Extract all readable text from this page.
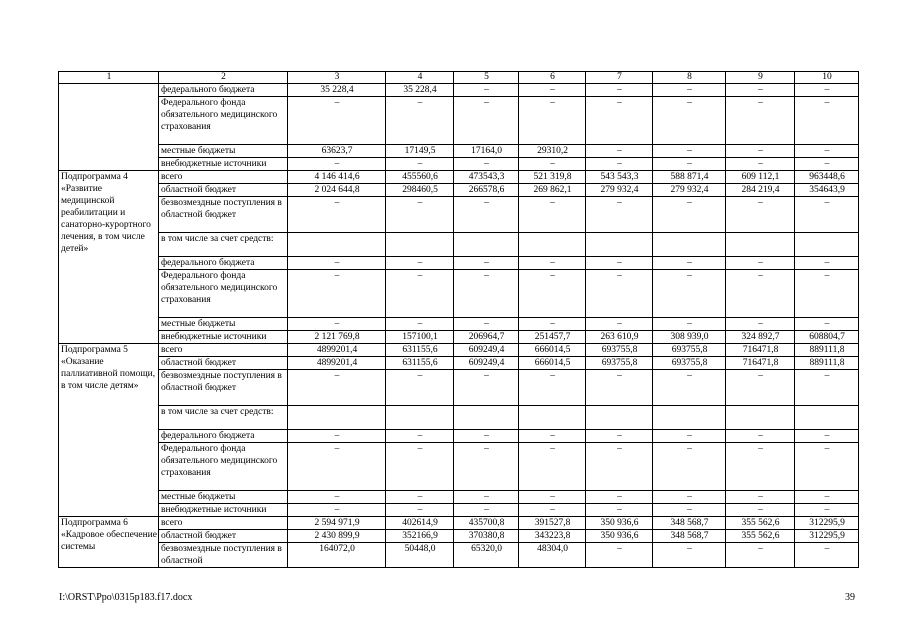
1	2	3	4	5	6	7	8	9	10
	федерального бюджета	35 228,4	35 228,4	–	–	–	–	–	–
	Федерального фонда обязательного медицинского страхования	–	–	–	–	–	–	–	–
	местные бюджеты	63623,7	17149,5	17164,0	29310,2	–	–	–	–
	внебюджетные источники	–	–	–	–	–	–	–	–
Подпрограмма 4 «Развитие медицинской реабилитации и санаторно-курортного лечения, в том числе детей»	всего	4 146 414,6	455560,6	473543,3	521 319,8	543 543,3	588 871,4	609 112,1	963448,6
	областной бюджет	2 024 644,8	298460,5	266578,6	269 862,1	279 932,4	279 932,4	284 219,4	354643,9
	безвозмездные поступления в областной бюджет	–	–	–	–	–	–	–	–
	в том числе за счет средств:								
	федерального бюджета	–	–	–	–	–	–	–	–
	Федерального фонда обязательного медицинского страхования	–	–	–	–	–	–	–	–
	местные бюджеты	–	–	–	–	–	–	–	–
	внебюджетные источники	2 121 769,8	157100,1	206964,7	251457,7	263 610,9	308 939,0	324 892,7	608804,7
Подпрограмма 5 «Оказание паллиативной помощи, в том числе детям»	всего	4899201,4	631155,6	609249,4	666014,5	693755,8	693755,8	716471,8	889111,8
	областной бюджет	4899201,4	631155,6	609249,4	666014,5	693755,8	693755,8	716471,8	889111,8
	безвозмездные поступления в областной бюджет	–	–	–	–	–	–	–	–
	в том числе за счет средств:								
	федерального бюджета	–	–	–	–	–	–	–	–
	Федерального фонда обязательного медицинского страхования	–	–	–	–	–	–	–	–
	местные бюджеты	–	–	–	–	–	–	–	–
	внебюджетные источники	–	–	–	–	–	–	–	–
Подпрограмма 6 «Кадровое обеспечение системы	всего	2 594 971,9	402614,9	435700,8	391527,8	350 936,6	348 568,7	355 562,6	312295,9
	областной бюджет	2 430 899,9	352166,9	370380,8	343223,8	350 936,6	348 568,7	355 562,6	312295,9
	безвозмездные поступления в областной	164072,0	50448,0	65320,0	48304,0	–	–	–	–
I:\ORST\Ppo\0315p183.f17.docx	39
